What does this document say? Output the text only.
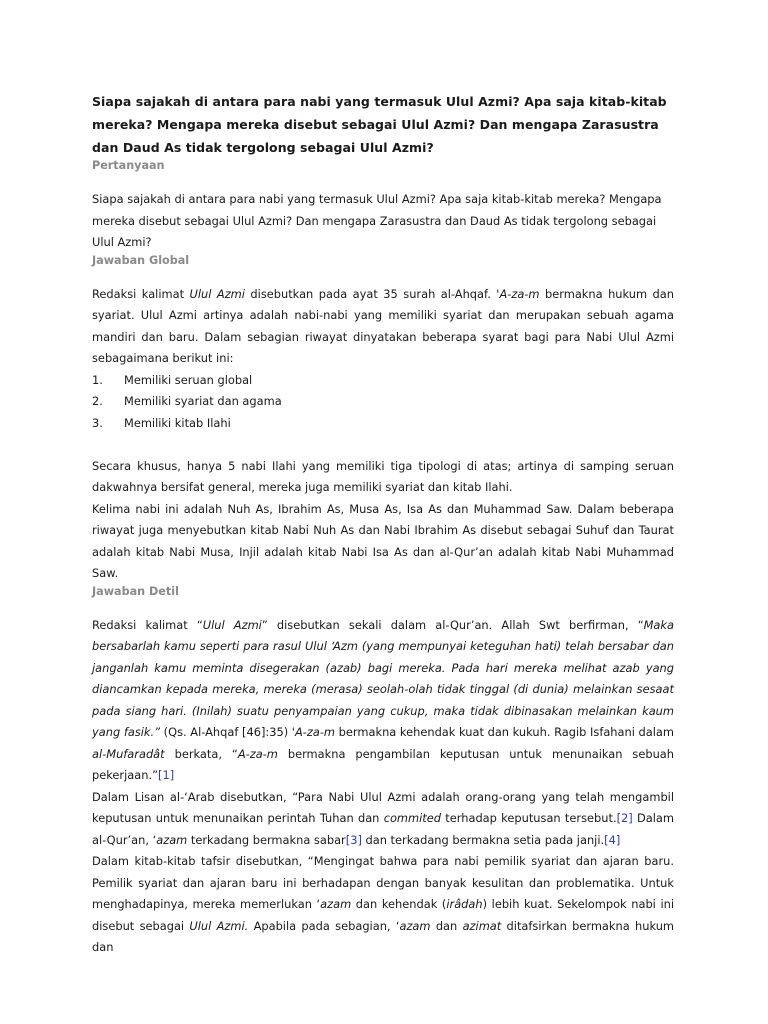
Siapa sajakah di antara para nabi yang termasuk Ulul Azmi? Apa saja kitab-kitab mereka? Mengapa mereka disebut sebagai Ulul Azmi? Dan mengapa Zarasustra dan Daud As tidak tergolong sebagai Ulul Azmi?
Pertanyaan

Siapa sajakah di antara para nabi yang termasuk Ulul Azmi? Apa saja kitab-kitab mereka? Mengapa mereka disebut sebagai Ulul Azmi? Dan mengapa Zarasustra dan Daud As tidak tergolong sebagai Ulul Azmi?

Jawaban Global

Redaksi kalimat Ulul Azmi disebutkan pada ayat 35 surah al-Ahqaf. 'A-za-m bermakna hukum dan syariat. Ulul Azmi artinya adalah nabi-nabi yang memiliki syariat dan merupakan sebuah agama mandiri dan baru. Dalam sebagian riwayat dinyatakan beberapa syarat bagi para Nabi Ulul Azmi sebagaimana berikut ini:

1.	Memiliki seruan global
2.	Memiliki syariat dan agama
3.	Memiliki kitab Ilahi

Secara khusus, hanya 5 nabi Ilahi yang memiliki tiga tipologi di atas; artinya di samping seruan dakwahnya bersifat general, mereka juga memiliki syariat dan kitab Ilahi.

Kelima nabi ini adalah Nuh As, Ibrahim As, Musa As, Isa As dan Muhammad Saw. Dalam beberapa riwayat juga menyebutkan kitab Nabi Nuh As dan Nabi Ibrahim As disebut sebagai Suhuf dan Taurat adalah kitab Nabi Musa, Injil adalah kitab Nabi Isa As dan al-Qur’an adalah kitab Nabi Muhammad Saw.

Jawaban Detil

Redaksi kalimat “Ulul Azmi” disebutkan sekali dalam al-Qur’an. Allah Swt berfirman, “Maka bersabarlah kamu seperti para rasul Ulul ‘Azm (yang mempunyai keteguhan hati) telah bersabar dan janganlah kamu meminta disegerakan (azab) bagi mereka. Pada hari mereka melihat azab yang diancamkan kepada mereka, mereka (merasa) seolah-olah tidak tinggal (di dunia) melainkan sesaat pada siang hari. (Inilah) suatu penyampaian yang cukup, maka tidak dibinasakan melainkan kaum yang fasik.” (Qs. Al-Ahqaf [46]:35) 'A-za-m bermakna kehendak kuat dan kukuh. Ragib Isfahani dalam al-Mufaradât berkata, “A-za-m bermakna pengambilan keputusan untuk menunaikan sebuah pekerjaan.”[1]

Dalam Lisan al-‘Arab disebutkan, “Para Nabi Ulul Azmi adalah orang-orang yang telah mengambil keputusan untuk menunaikan perintah Tuhan dan commited terhadap keputusan tersebut.[2] Dalam al-Qur’an, ‘azam terkadang bermakna sabar[3] dan terkadang bermakna setia pada janji.[4]

Dalam kitab-kitab tafsir disebutkan, “Mengingat bahwa para nabi pemilik syariat dan ajaran baru. Pemilik syariat dan ajaran baru ini berhadapan dengan banyak kesulitan dan problematika. Untuk menghadapinya, mereka memerlukan ‘azam dan kehendak (irâdah) lebih kuat. Sekelompok nabi ini disebut sebagai Ulul Azmi. Apabila pada sebagian, ‘azam dan azimat ditafsirkan bermakna hukum dan
